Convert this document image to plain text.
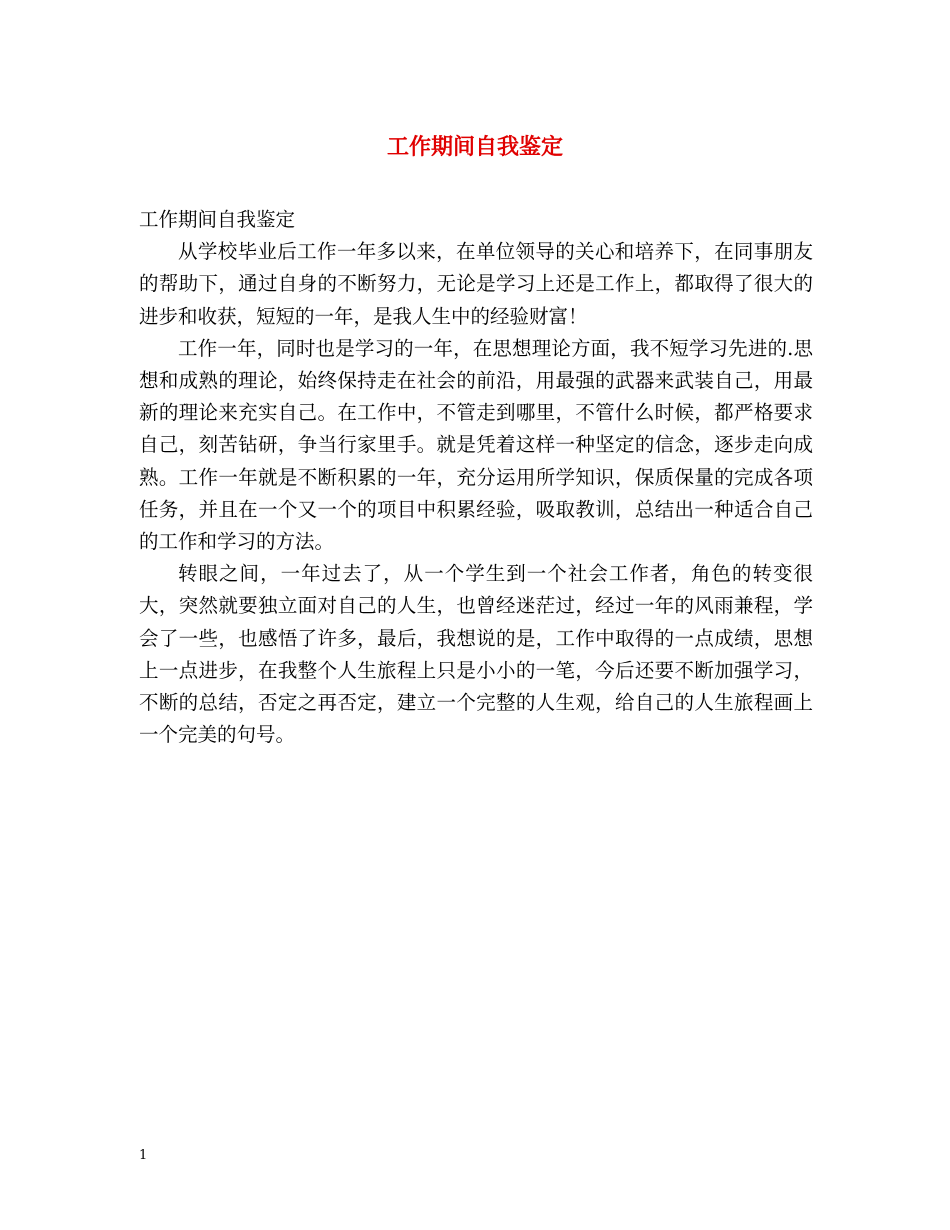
工作期间自我鉴定

工作期间自我鉴定

从学校毕业后工作一年多以来，在单位领导的关心和培养下，在同事朋友的帮助下，通过自身的不断努力，无论是学习上还是工作上，都取得了很大的进步和收获，短短的一年，是我人生中的经验财富！

工作一年，同时也是学习的一年，在思想理论方面，我不短学习先进的.思想和成熟的理论，始终保持走在社会的前沿，用最强的武器来武装自己，用最新的理论来充实自己。在工作中，不管走到哪里，不管什么时候，都严格要求自己，刻苦钻研，争当行家里手。就是凭着这样一种坚定的信念，逐步走向成熟。工作一年就是不断积累的一年，充分运用所学知识，保质保量的完成各项任务，并且在一个又一个的项目中积累经验，吸取教训，总结出一种适合自己的工作和学习的方法。

转眼之间，一年过去了，从一个学生到一个社会工作者，角色的转变很大，突然就要独立面对自己的人生，也曾经迷茫过，经过一年的风雨兼程，学会了一些，也感悟了许多，最后，我想说的是，工作中取得的一点成绩，思想上一点进步，在我整个人生旅程上只是小小的一笔，今后还要不断加强学习，不断的总结，否定之再否定，建立一个完整的人生观，给自己的人生旅程画上一个完美的句号。

1
